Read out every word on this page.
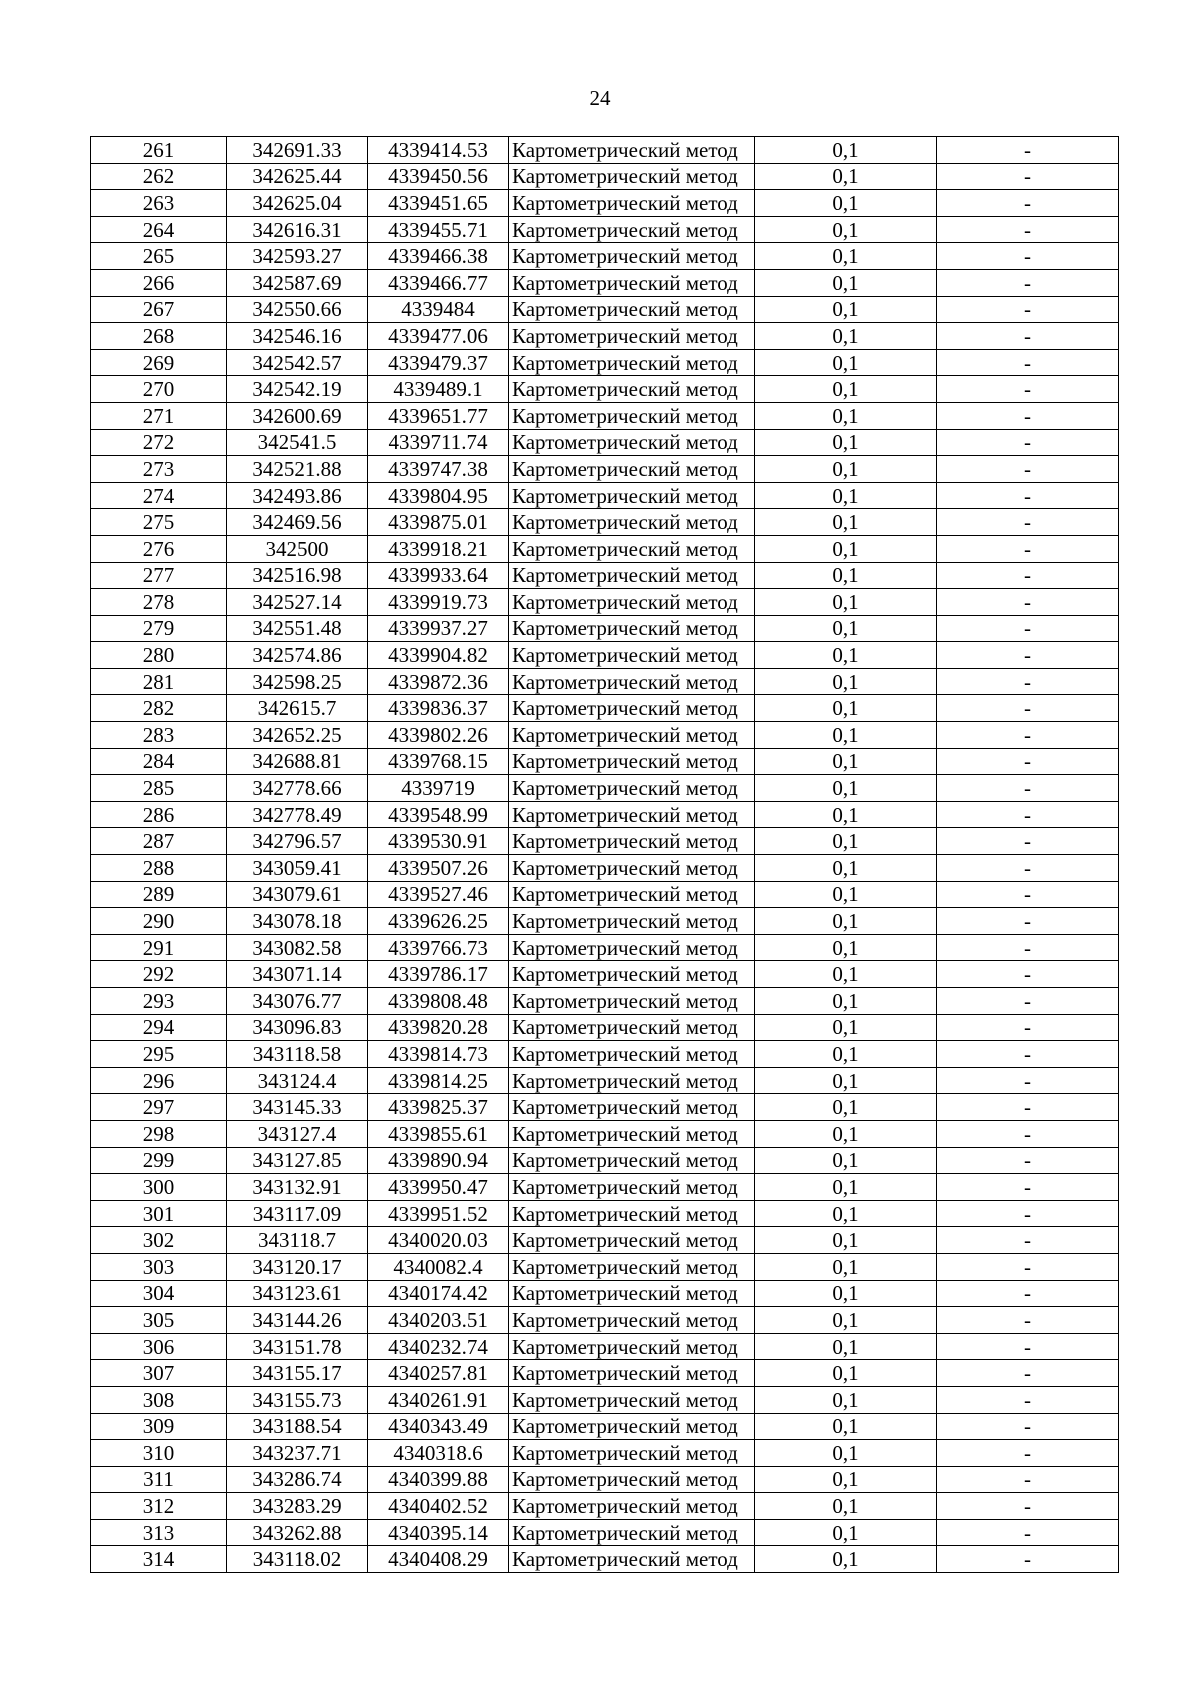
24
261	342691.33	4339414.53	Картометрический метод	0,1	-
262	342625.44	4339450.56	Картометрический метод	0,1	-
263	342625.04	4339451.65	Картометрический метод	0,1	-
264	342616.31	4339455.71	Картометрический метод	0,1	-
265	342593.27	4339466.38	Картометрический метод	0,1	-
266	342587.69	4339466.77	Картометрический метод	0,1	-
267	342550.66	4339484	Картометрический метод	0,1	-
268	342546.16	4339477.06	Картометрический метод	0,1	-
269	342542.57	4339479.37	Картометрический метод	0,1	-
270	342542.19	4339489.1	Картометрический метод	0,1	-
271	342600.69	4339651.77	Картометрический метод	0,1	-
272	342541.5	4339711.74	Картометрический метод	0,1	-
273	342521.88	4339747.38	Картометрический метод	0,1	-
274	342493.86	4339804.95	Картометрический метод	0,1	-
275	342469.56	4339875.01	Картометрический метод	0,1	-
276	342500	4339918.21	Картометрический метод	0,1	-
277	342516.98	4339933.64	Картометрический метод	0,1	-
278	342527.14	4339919.73	Картометрический метод	0,1	-
279	342551.48	4339937.27	Картометрический метод	0,1	-
280	342574.86	4339904.82	Картометрический метод	0,1	-
281	342598.25	4339872.36	Картометрический метод	0,1	-
282	342615.7	4339836.37	Картометрический метод	0,1	-
283	342652.25	4339802.26	Картометрический метод	0,1	-
284	342688.81	4339768.15	Картометрический метод	0,1	-
285	342778.66	4339719	Картометрический метод	0,1	-
286	342778.49	4339548.99	Картометрический метод	0,1	-
287	342796.57	4339530.91	Картометрический метод	0,1	-
288	343059.41	4339507.26	Картометрический метод	0,1	-
289	343079.61	4339527.46	Картометрический метод	0,1	-
290	343078.18	4339626.25	Картометрический метод	0,1	-
291	343082.58	4339766.73	Картометрический метод	0,1	-
292	343071.14	4339786.17	Картометрический метод	0,1	-
293	343076.77	4339808.48	Картометрический метод	0,1	-
294	343096.83	4339820.28	Картометрический метод	0,1	-
295	343118.58	4339814.73	Картометрический метод	0,1	-
296	343124.4	4339814.25	Картометрический метод	0,1	-
297	343145.33	4339825.37	Картометрический метод	0,1	-
298	343127.4	4339855.61	Картометрический метод	0,1	-
299	343127.85	4339890.94	Картометрический метод	0,1	-
300	343132.91	4339950.47	Картометрический метод	0,1	-
301	343117.09	4339951.52	Картометрический метод	0,1	-
302	343118.7	4340020.03	Картометрический метод	0,1	-
303	343120.17	4340082.4	Картометрический метод	0,1	-
304	343123.61	4340174.42	Картометрический метод	0,1	-
305	343144.26	4340203.51	Картометрический метод	0,1	-
306	343151.78	4340232.74	Картометрический метод	0,1	-
307	343155.17	4340257.81	Картометрический метод	0,1	-
308	343155.73	4340261.91	Картометрический метод	0,1	-
309	343188.54	4340343.49	Картометрический метод	0,1	-
310	343237.71	4340318.6	Картометрический метод	0,1	-
311	343286.74	4340399.88	Картометрический метод	0,1	-
312	343283.29	4340402.52	Картометрический метод	0,1	-
313	343262.88	4340395.14	Картометрический метод	0,1	-
314	343118.02	4340408.29	Картометрический метод	0,1	-
